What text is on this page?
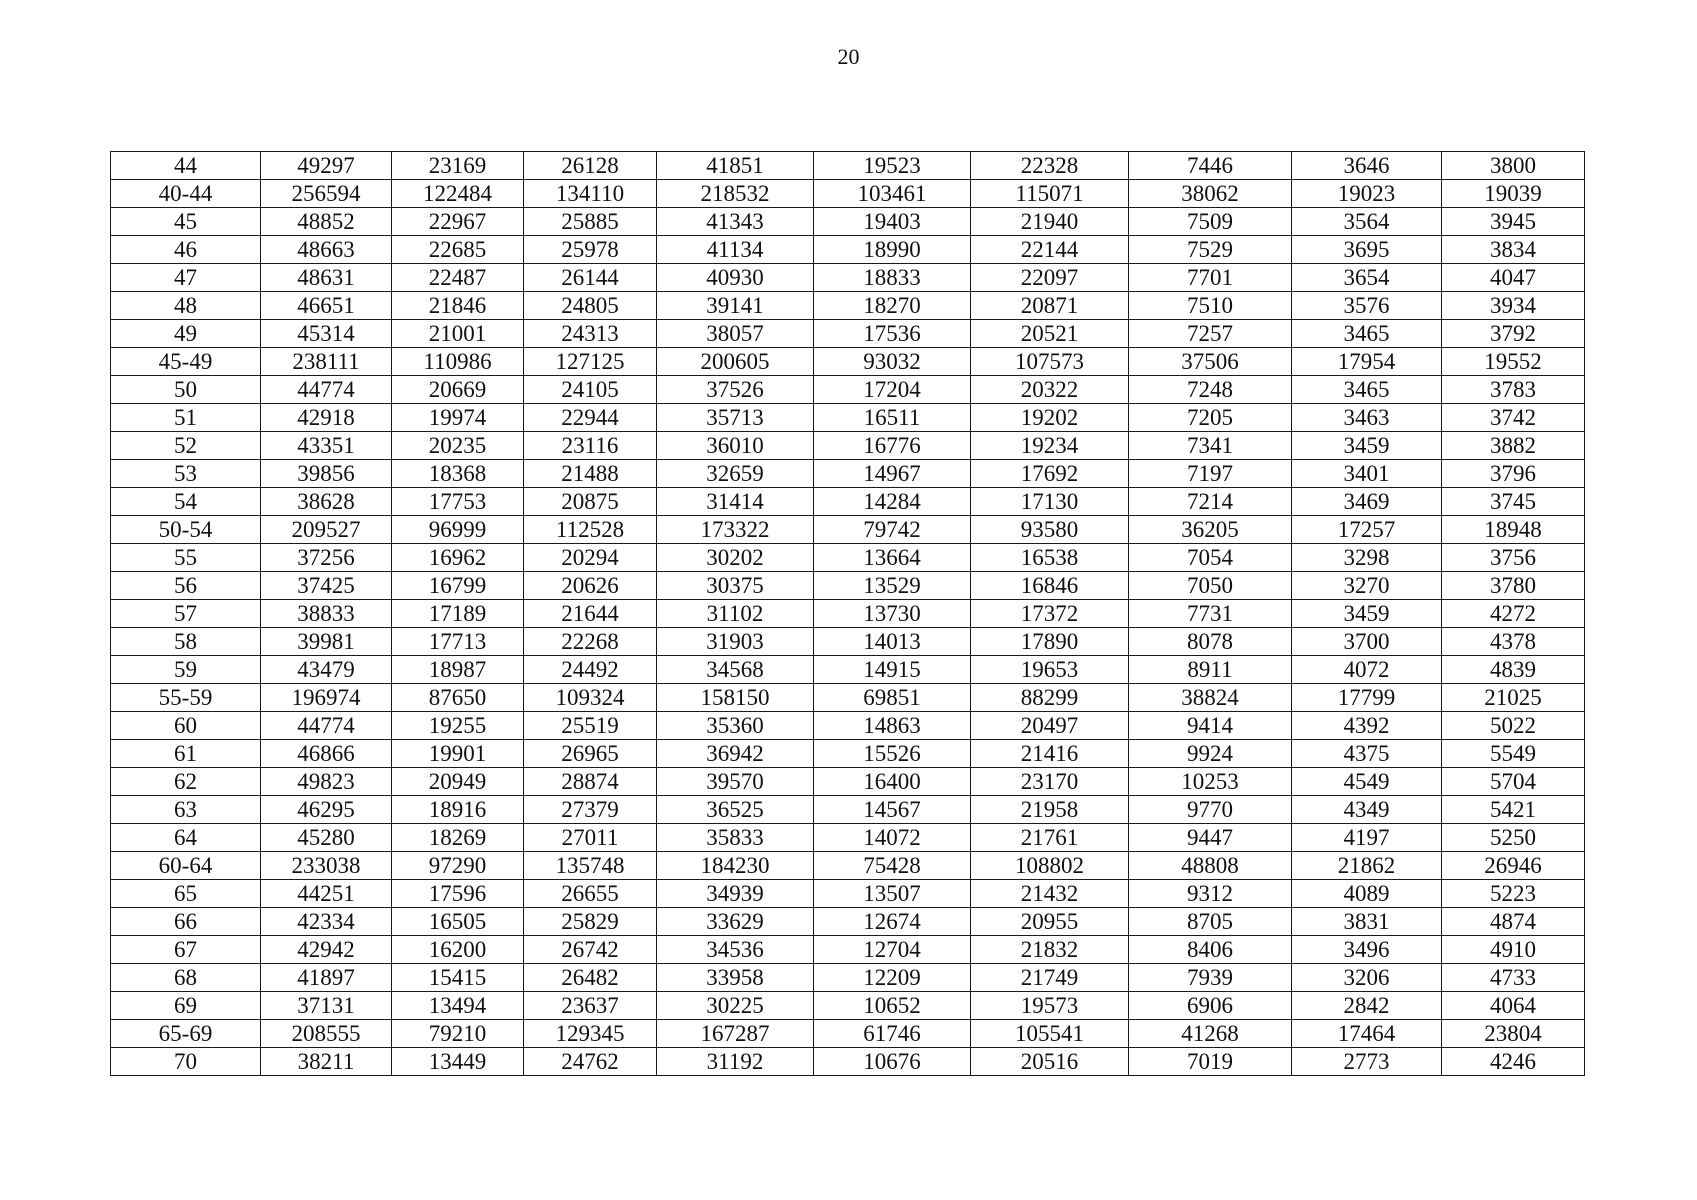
20
44	49297	23169	26128	41851	19523	22328	7446	3646	3800
40-44	256594	122484	134110	218532	103461	115071	38062	19023	19039
45	48852	22967	25885	41343	19403	21940	7509	3564	3945
46	48663	22685	25978	41134	18990	22144	7529	3695	3834
47	48631	22487	26144	40930	18833	22097	7701	3654	4047
48	46651	21846	24805	39141	18270	20871	7510	3576	3934
49	45314	21001	24313	38057	17536	20521	7257	3465	3792
45-49	238111	110986	127125	200605	93032	107573	37506	17954	19552
50	44774	20669	24105	37526	17204	20322	7248	3465	3783
51	42918	19974	22944	35713	16511	19202	7205	3463	3742
52	43351	20235	23116	36010	16776	19234	7341	3459	3882
53	39856	18368	21488	32659	14967	17692	7197	3401	3796
54	38628	17753	20875	31414	14284	17130	7214	3469	3745
50-54	209527	96999	112528	173322	79742	93580	36205	17257	18948
55	37256	16962	20294	30202	13664	16538	7054	3298	3756
56	37425	16799	20626	30375	13529	16846	7050	3270	3780
57	38833	17189	21644	31102	13730	17372	7731	3459	4272
58	39981	17713	22268	31903	14013	17890	8078	3700	4378
59	43479	18987	24492	34568	14915	19653	8911	4072	4839
55-59	196974	87650	109324	158150	69851	88299	38824	17799	21025
60	44774	19255	25519	35360	14863	20497	9414	4392	5022
61	46866	19901	26965	36942	15526	21416	9924	4375	5549
62	49823	20949	28874	39570	16400	23170	10253	4549	5704
63	46295	18916	27379	36525	14567	21958	9770	4349	5421
64	45280	18269	27011	35833	14072	21761	9447	4197	5250
60-64	233038	97290	135748	184230	75428	108802	48808	21862	26946
65	44251	17596	26655	34939	13507	21432	9312	4089	5223
66	42334	16505	25829	33629	12674	20955	8705	3831	4874
67	42942	16200	26742	34536	12704	21832	8406	3496	4910
68	41897	15415	26482	33958	12209	21749	7939	3206	4733
69	37131	13494	23637	30225	10652	19573	6906	2842	4064
65-69	208555	79210	129345	167287	61746	105541	41268	17464	23804
70	38211	13449	24762	31192	10676	20516	7019	2773	4246
